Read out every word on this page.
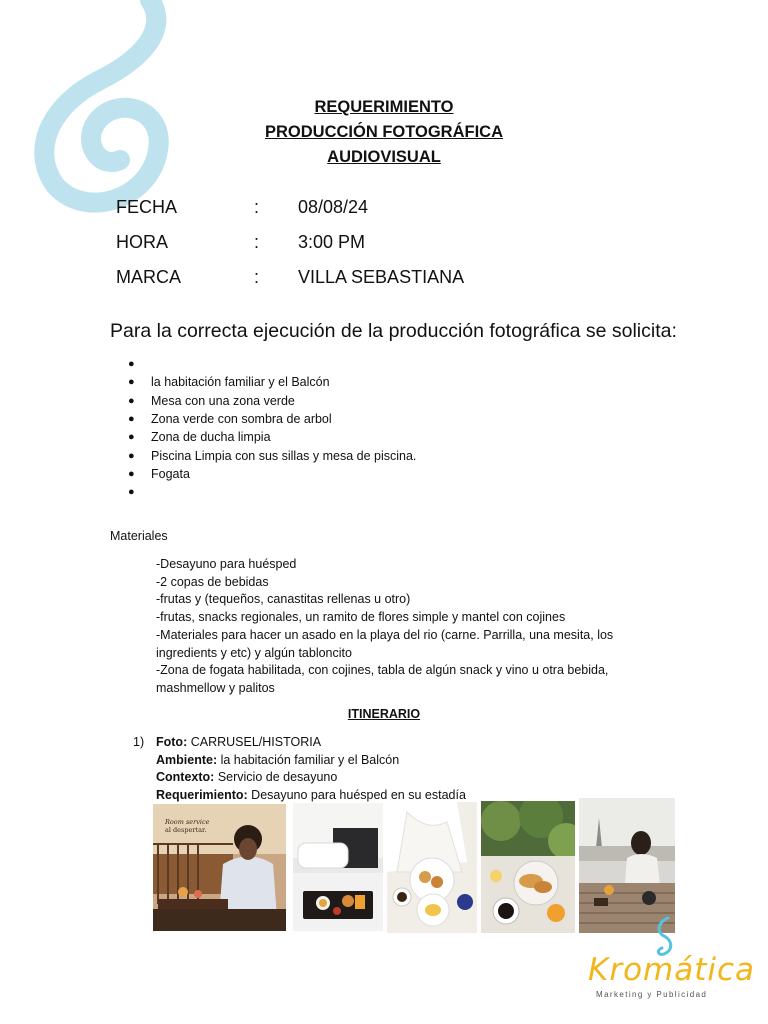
REQUERIMIENTO
PRODUCCIÓN FOTOGRÁFICA
AUDIOVISUAL
FECHA	:	08/08/24
HORA	:	3:00 PM
MARCA	:	VILLA SEBASTIANA
Para la correcta ejecución de la producción fotográfica se solicita:
●
●	la habitación familiar y el Balcón
●	Mesa con una zona verde
●	Zona verde con sombra de arbol
●	Zona de ducha limpia
●	Piscina Limpia con sus sillas y mesa de piscina.
●	Fogata
●
Materiales
-Desayuno para huésped
-2 copas de bebidas
-frutas y (tequeños, canastitas rellenas u otro)
-frutas, snacks regionales, un ramito de flores simple y mantel con cojines
-Materiales para hacer un asado en la playa del rio (carne. Parrilla, una mesita, los ingredients y etc) y algún tabloncito
-Zona de fogata habilitada, con cojines, tabla de algún snack y vino u otra bebida, mashmellow y palitos
ITINERARIO
1) Foto: CARRUSEL/HISTORIA
Ambiente: la habitación familiar y el Balcón
Contexto: Servicio de desayuno
Requerimiento: Desayuno para huésped en su estadía
Room service
al despertar.
Kromática
Marketing y Publicidad
